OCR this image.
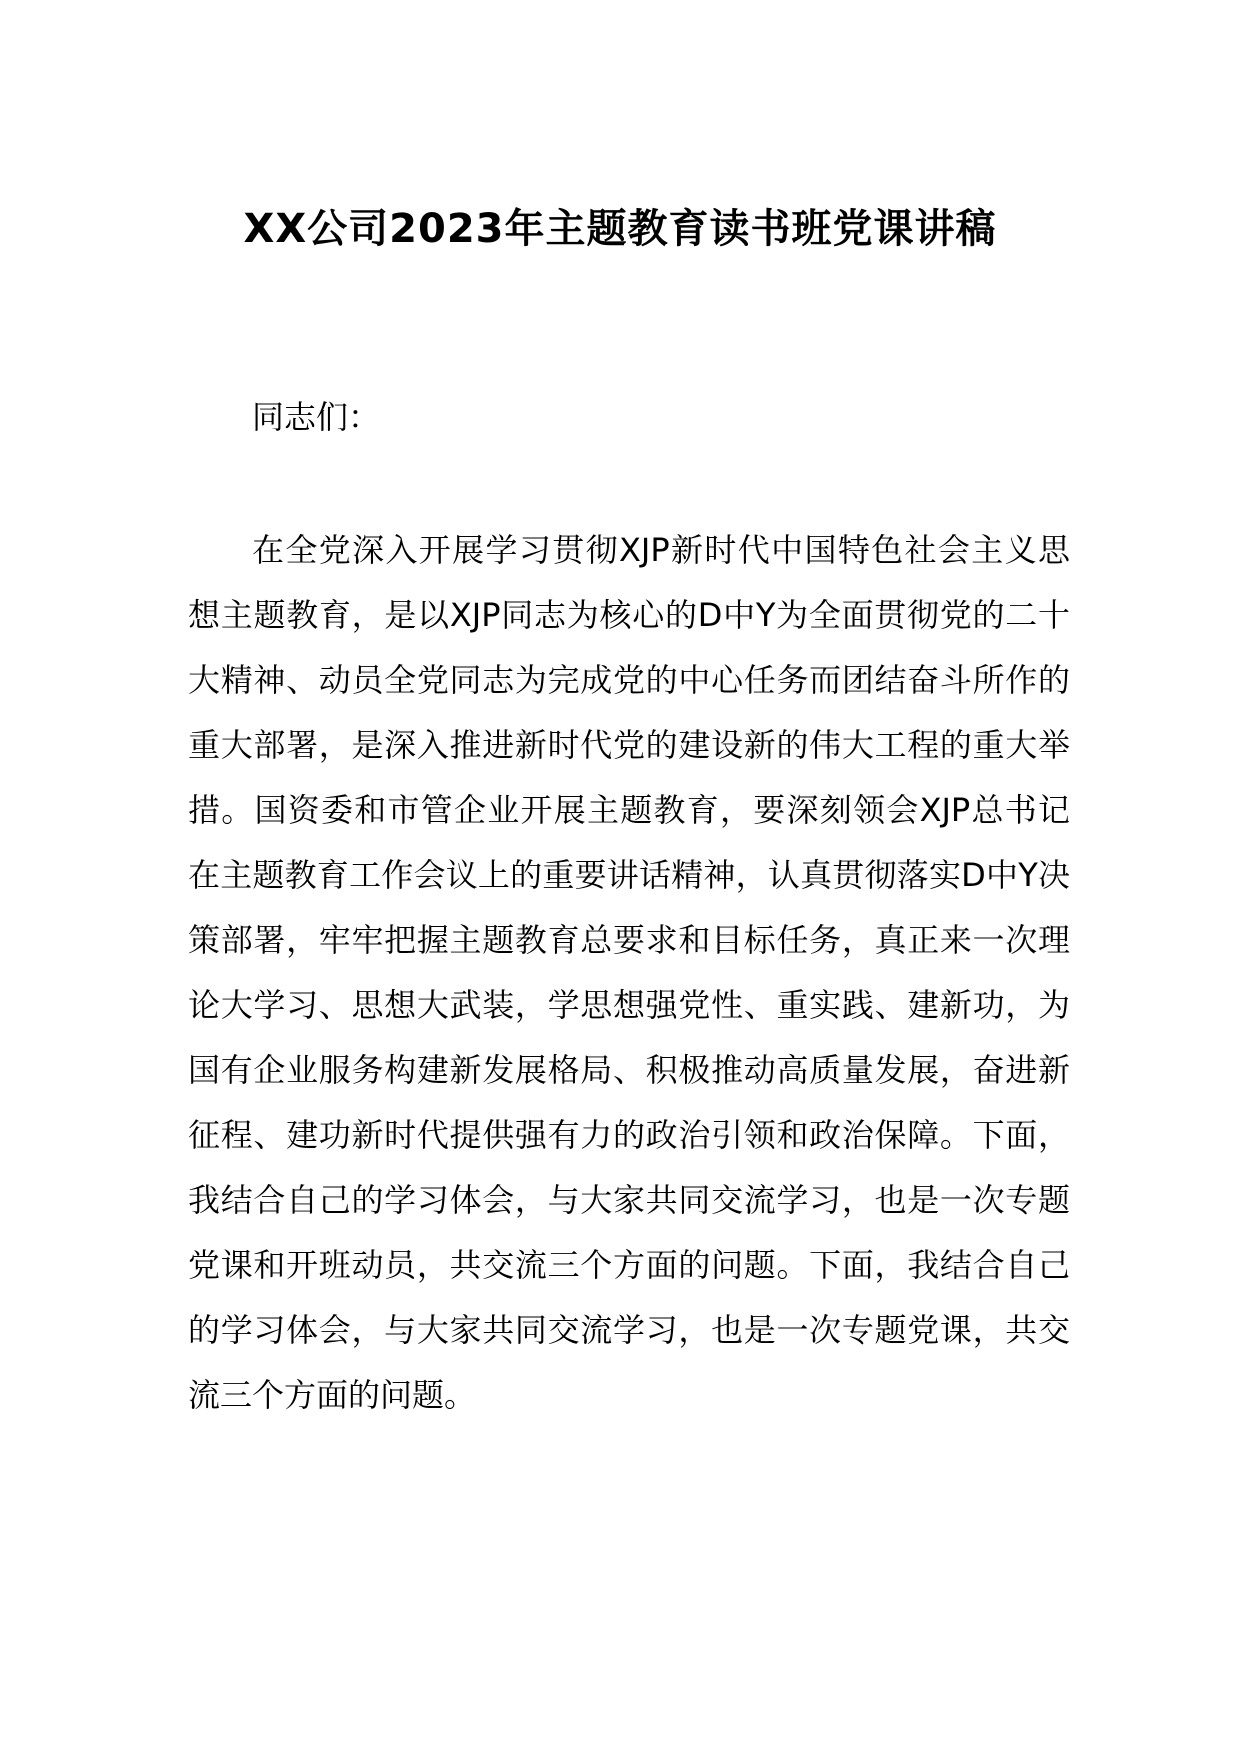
XX公司2023年主题教育读书班党课讲稿

同志们：

在全党深入开展学习贯彻XJP新时代中国特色社会主义思想主题教育，是以XJP同志为核心的D中Y为全面贯彻党的二十大精神、动员全党同志为完成党的中心任务而团结奋斗所作的重大部署，是深入推进新时代党的建设新的伟大工程的重大举措。国资委和市管企业开展主题教育，要深刻领会XJP总书记在主题教育工作会议上的重要讲话精神，认真贯彻落实D中Y决策部署，牢牢把握主题教育总要求和目标任务，真正来一次理论大学习、思想大武装，学思想强党性、重实践、建新功，为国有企业服务构建新发展格局、积极推动高质量发展，奋进新征程、建功新时代提供强有力的政治引领和政治保障。下面，我结合自己的学习体会，与大家共同交流学习，也是一次专题党课和开班动员，共交流三个方面的问题。下面，我结合自己的学习体会，与大家共同交流学习，也是一次专题党课，共交流三个方面的问题。
